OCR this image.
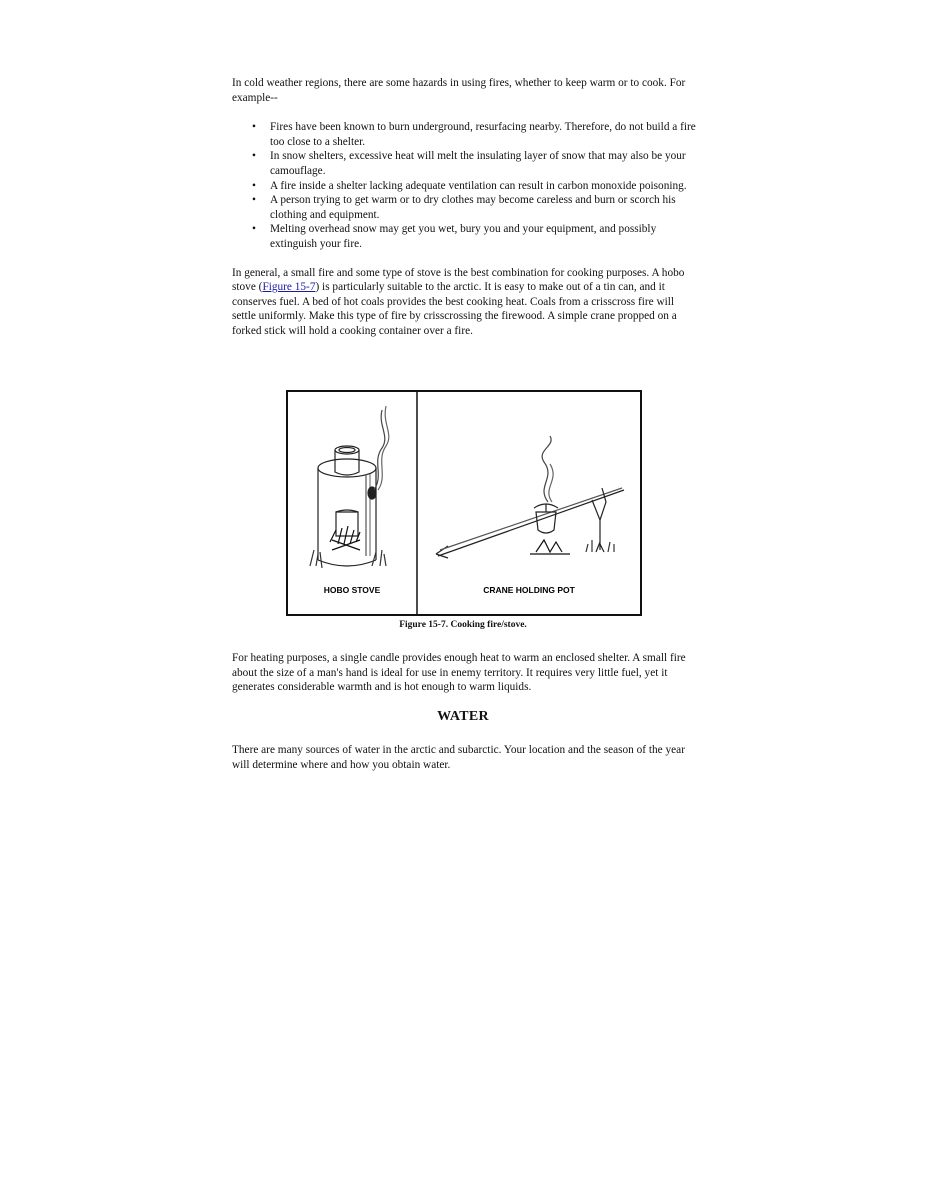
In cold weather regions, there are some hazards in using fires, whether to keep warm or to cook. For example--

• Fires have been known to burn underground, resurfacing nearby. Therefore, do not build a fire too close to a shelter.
• In snow shelters, excessive heat will melt the insulating layer of snow that may also be your camouflage.
• A fire inside a shelter lacking adequate ventilation can result in carbon monoxide poisoning.
• A person trying to get warm or to dry clothes may become careless and burn or scorch his clothing and equipment.
• Melting overhead snow may get you wet, bury you and your equipment, and possibly extinguish your fire.

In general, a small fire and some type of stove is the best combination for cooking purposes. A hobo stove (Figure 15-7) is particularly suitable to the arctic. It is easy to make out of a tin can, and it conserves fuel. A bed of hot coals provides the best cooking heat. Coals from a crisscross fire will settle uniformly. Make this type of fire by crisscrossing the firewood. A simple crane propped on a forked stick will hold a cooking container over a fire.

HOBO STOVE	CRANE HOLDING POT
Figure 15-7. Cooking fire/stove.

For heating purposes, a single candle provides enough heat to warm an enclosed shelter. A small fire about the size of a man's hand is ideal for use in enemy territory. It requires very little fuel, yet it generates considerable warmth and is hot enough to warm liquids.

WATER

There are many sources of water in the arctic and subarctic. Your location and the season of the year will determine where and how you obtain water.
